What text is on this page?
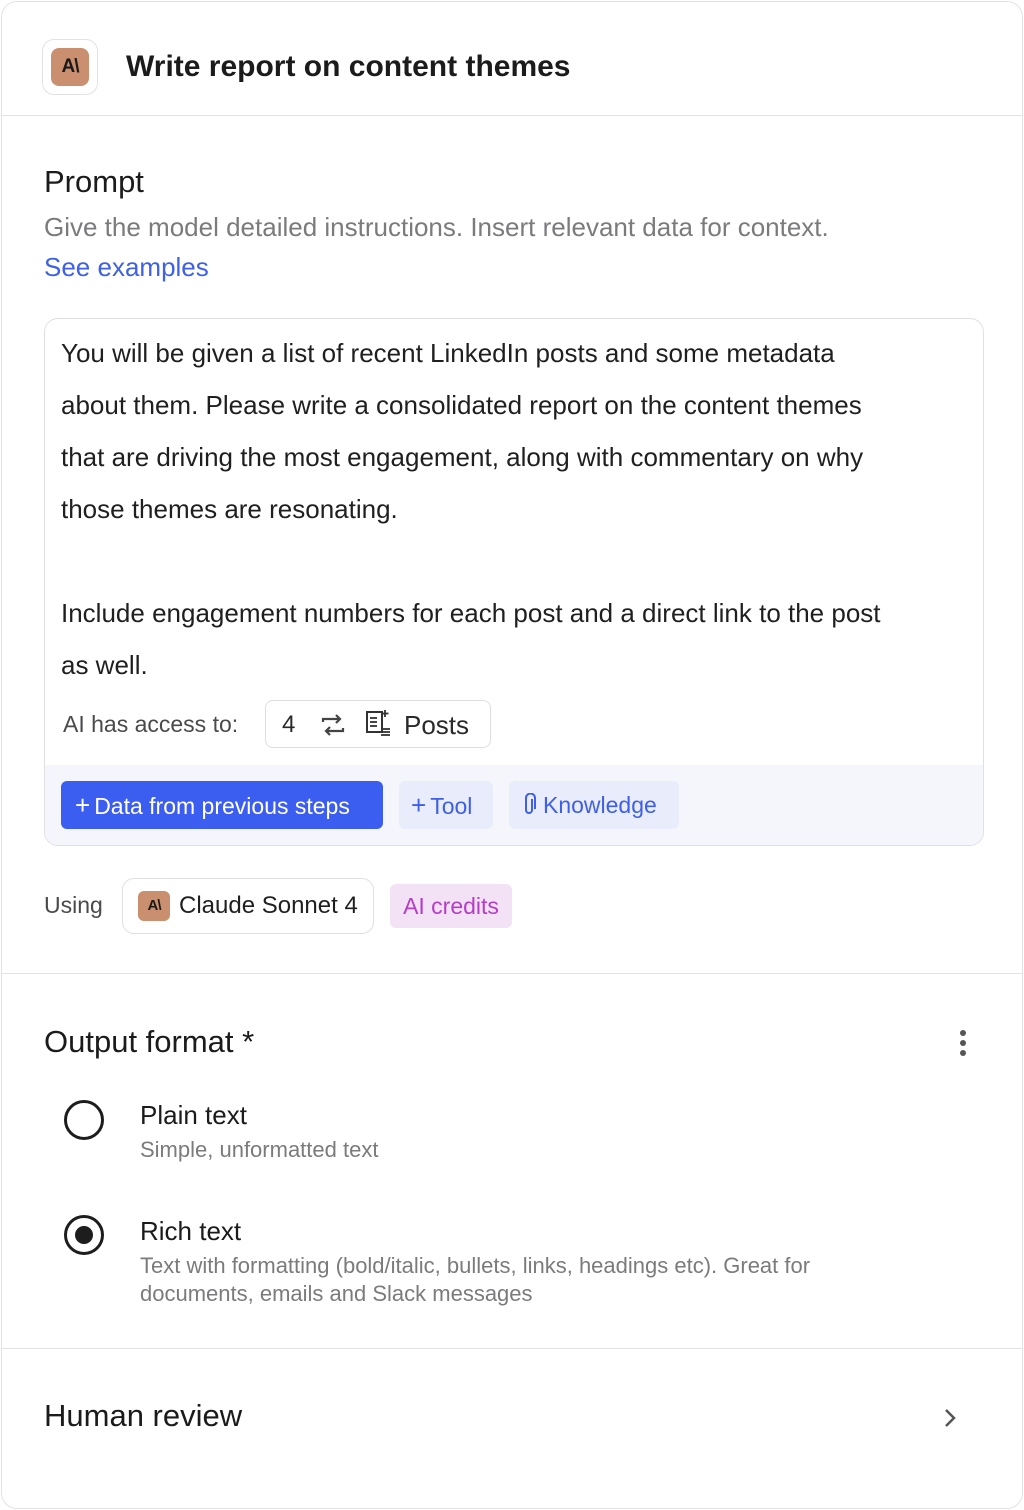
A\	Write report on content themes
Prompt
Give the model detailed instructions. Insert relevant data for context.
See examples
You will be given a list of recent LinkedIn posts and some metadata
about them. Please write a consolidated report on the content themes
that are driving the most engagement, along with commentary on why
those themes are resonating.

Include engagement numbers for each post and a direct link to the post
as well.
AI has access to: 4	Posts
+ Data from previous steps	+ Tool	Knowledge
Using	A\ Claude Sonnet 4	AI credits
Output format *
Plain text
Simple, unformatted text
Rich text
Text with formatting (bold/italic, bullets, links, headings etc). Great for documents, emails and Slack messages
Human review
